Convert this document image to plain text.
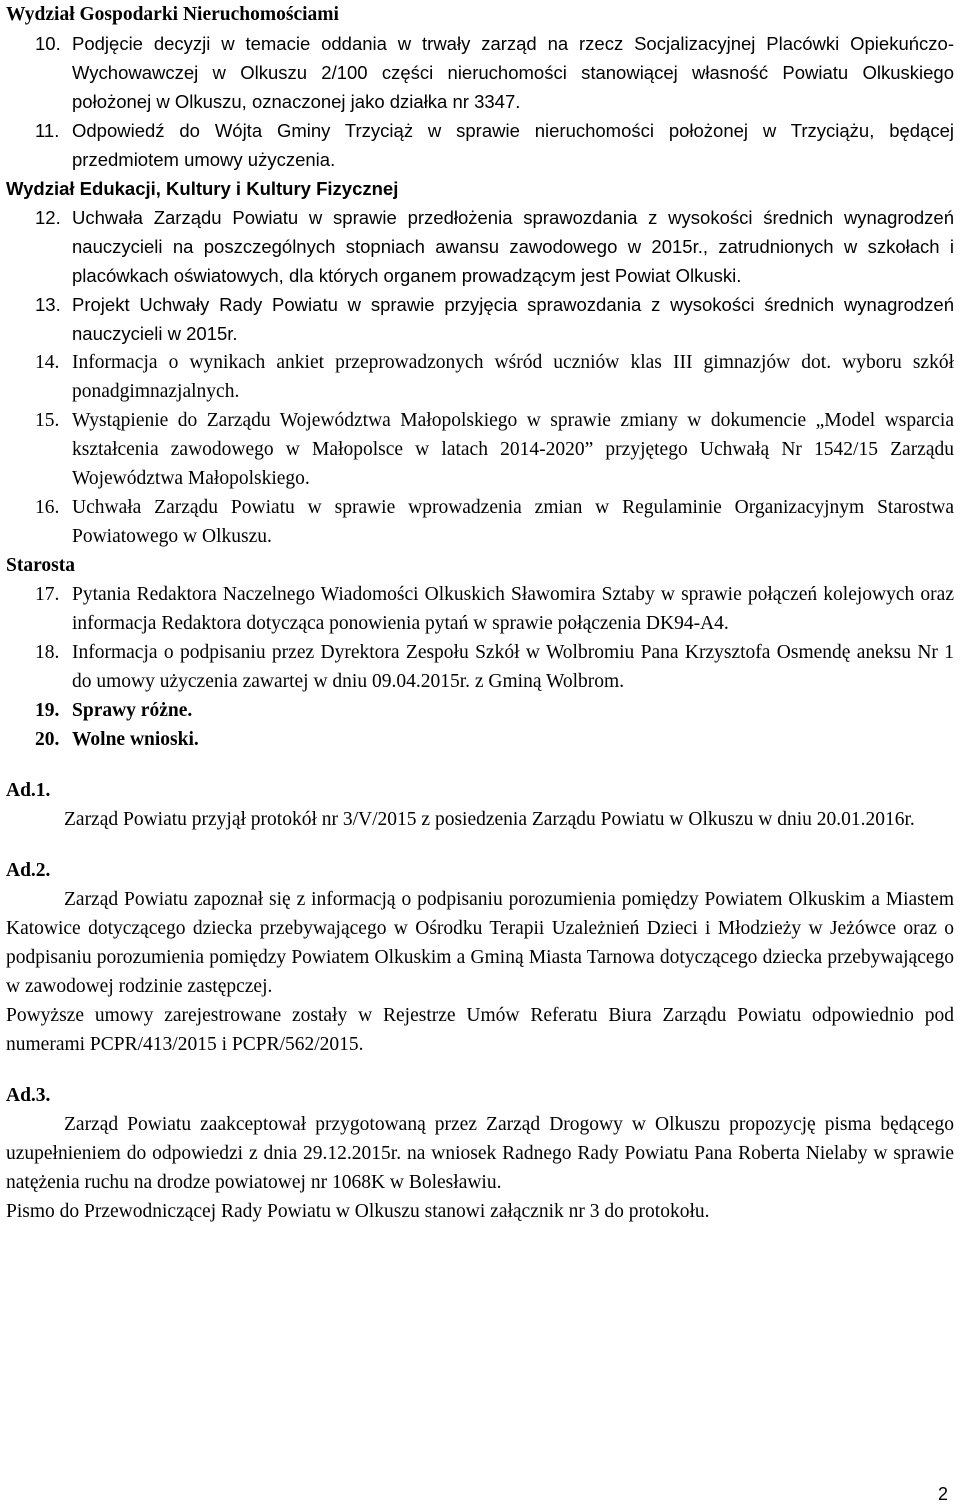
Wydział Gospodarki Nieruchomościami
10. Podjęcie decyzji w temacie oddania w trwały zarząd na rzecz Socjalizacyjnej Placówki Opiekuńczo-Wychowawczej w Olkuszu 2/100 części nieruchomości stanowiącej własność Powiatu Olkuskiego położonej w Olkuszu, oznaczonej jako działka nr 3347.
11. Odpowiedź do Wójta Gminy Trzyciąż w sprawie nieruchomości położonej w Trzyciążu, będącej przedmiotem umowy użyczenia.
Wydział Edukacji, Kultury i Kultury Fizycznej
12. Uchwała Zarządu Powiatu w sprawie przedłożenia sprawozdania z wysokości średnich wynagrodzeń nauczycieli na poszczególnych stopniach awansu zawodowego w 2015r., zatrudnionych w szkołach i placówkach oświatowych, dla których organem prowadzącym jest Powiat Olkuski.
13. Projekt Uchwały Rady Powiatu w sprawie przyjęcia sprawozdania z wysokości średnich wynagrodzeń nauczycieli w 2015r.
14. Informacja o wynikach ankiet przeprowadzonych wśród uczniów klas III gimnazjów dot. wyboru szkół ponadgimnazjalnych.
15. Wystąpienie do Zarządu Województwa Małopolskiego w sprawie zmiany w dokumencie „Model wsparcia kształcenia zawodowego w Małopolsce w latach 2014-2020” przyjętego Uchwałą Nr 1542/15 Zarządu Województwa Małopolskiego.
16. Uchwała Zarządu Powiatu w sprawie wprowadzenia zmian w Regulaminie Organizacyjnym Starostwa Powiatowego w Olkuszu.
Starosta
17. Pytania Redaktora Naczelnego Wiadomości Olkuskich Sławomira Sztaby w sprawie połączeń kolejowych oraz informacja Redaktora dotycząca ponowienia pytań w sprawie połączenia DK94-A4.
18. Informacja o podpisaniu przez Dyrektora Zespołu Szkół w Wolbromiu Pana Krzysztofa Osmendę aneksu Nr 1 do umowy użyczenia zawartej w dniu 09.04.2015r. z Gminą Wolbrom.
19. Sprawy różne.
20. Wolne wnioski.
Ad.1.
Zarząd Powiatu przyjął protokół nr 3/V/2015 z posiedzenia Zarządu Powiatu w Olkuszu w dniu 20.01.2016r.
Ad.2.
Zarząd Powiatu zapoznał się z informacją o podpisaniu porozumienia pomiędzy Powiatem Olkuskim a Miastem Katowice dotyczącego dziecka przebywającego w Ośrodku Terapii Uzależnień Dzieci i Młodzieży w Jeżówce oraz o podpisaniu porozumienia pomiędzy Powiatem Olkuskim a Gminą Miasta Tarnowa dotyczącego dziecka przebywającego w zawodowej rodzinie zastępczej.
Powyższe umowy zarejestrowane zostały w Rejestrze Umów Referatu Biura Zarządu Powiatu odpowiednio pod numerami PCPR/413/2015 i PCPR/562/2015.
Ad.3.
Zarząd Powiatu zaakceptował przygotowaną przez Zarząd Drogowy w Olkuszu propozycję pisma będącego uzupełnieniem do odpowiedzi z dnia 29.12.2015r. na wniosek Radnego Rady Powiatu Pana Roberta Nielaby w sprawie natężenia ruchu na drodze powiatowej nr 1068K w Bolesławiu.
Pismo do Przewodniczącej Rady Powiatu w Olkuszu stanowi załącznik nr 3 do protokołu.
2
